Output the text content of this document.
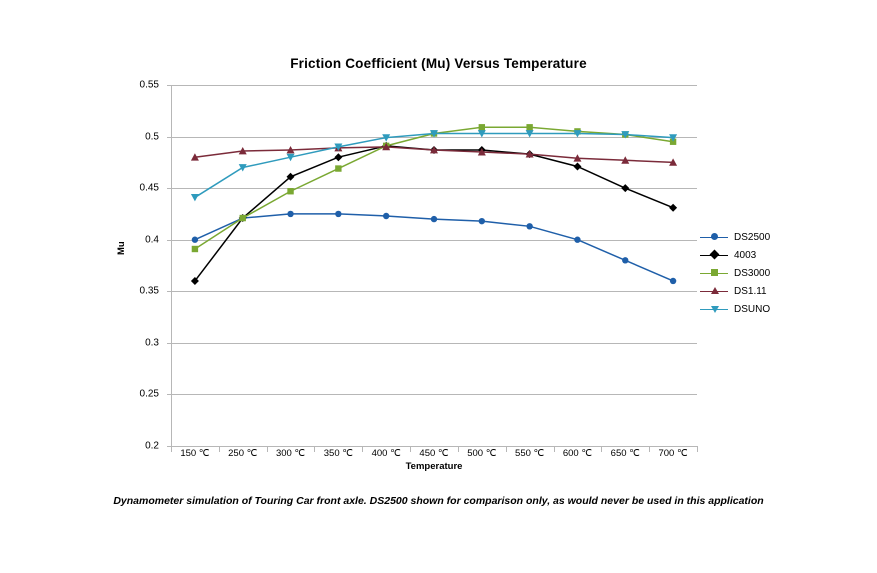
Friction Coefficient (Mu) Versus Temperature
Mu
0.2
0.25
0.3
0.35
0.4
0.45
0.5
0.55
150 ℃ 250 ℃ 300 ℃ 350 ℃ 400 ℃ 450 ℃ 500 ℃ 550 ℃ 600 ℃ 650 ℃ 700 ℃
Temperature
DS2500
4003
DS3000
DS1.11
DSUNO
Dynamometer simulation of Touring Car front axle. DS2500 shown for comparison only, as would never be used in this application
